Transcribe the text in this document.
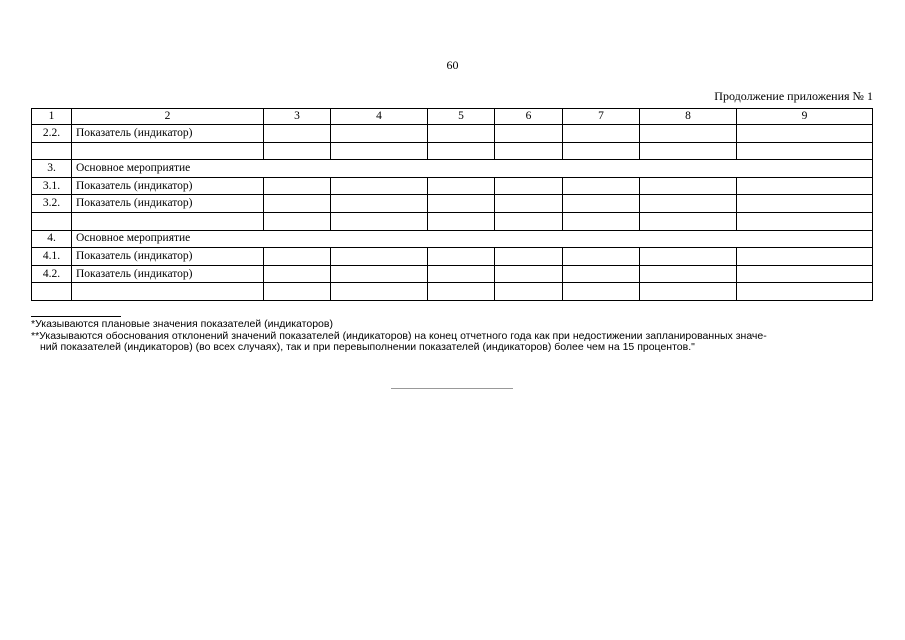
60
Продолжение приложения № 1
1	2	3	4	5	6	7	8	9
2.2.	Показатель (индикатор)							

3.	Основное мероприятие							
3.1.	Показатель (индикатор)							
3.2.	Показатель (индикатор)							

4.	Основное мероприятие							
4.1.	Показатель (индикатор)							
4.2.	Показатель (индикатор)							

*Указываются плановые значения показателей (индикаторов)

**Указываются обоснования отклонений значений показателей (индикаторов) на конец отчетного года как при недостижении запланированных значе-
ний показателей (индикаторов) (во всех случаях), так и при перевыполнении показателей (индикаторов) более чем на 15 процентов."
